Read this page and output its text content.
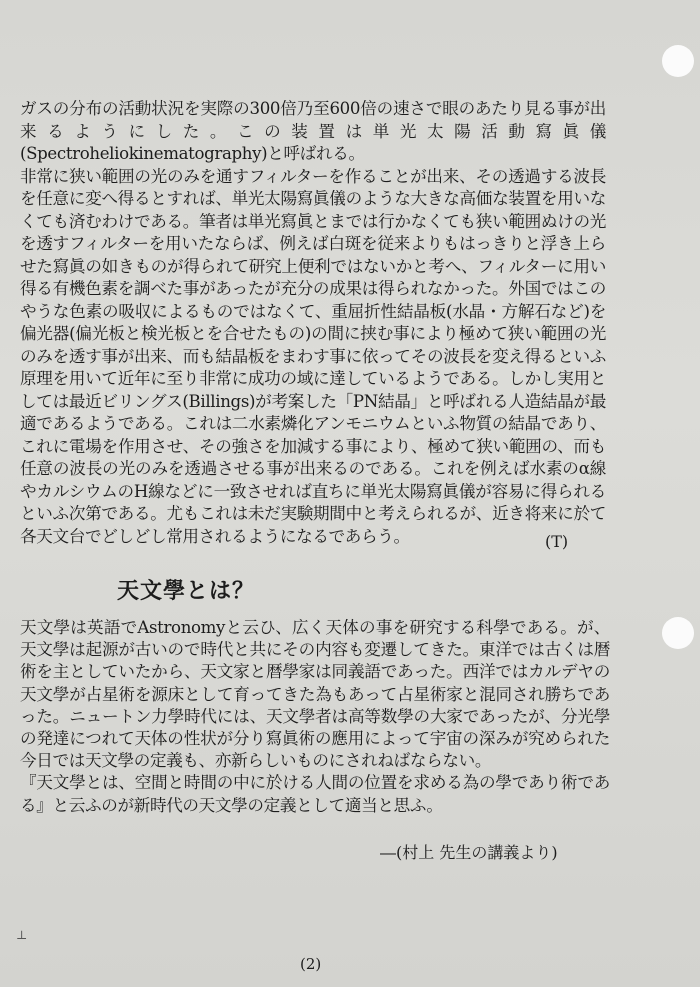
ガスの分布の活動状況を実際の300倍乃至600倍の速さで眼のあたり見る事が出来るようにした。この装置は単光太陽活動寫眞儀(Spectroheliokinematography)と呼ばれる。

非常に狭い範囲の光のみを通すフィルターを作ることが出来、その透過する波長を任意に変へ得るとすれば、単光太陽寫眞儀のような大きな高価な装置を用いなくても済むわけである。筆者は単光寫眞とまでは行かなくても狭い範囲ぬけの光を透すフィルターを用いたならば、例えば白斑を従来よりもはっきりと浮き上らせた寫眞の如きものが得られて研究上便利ではないかと考へ、フィルターに用い得る有機色素を調べた事があったが充分の成果は得られなかった。外国ではこのやうな色素の吸収によるものではなくて、重屈折性結晶板(水晶・方解石など)を偏光器(偏光板と検光板とを合せたもの)の間に挟む事により極めて狭い範囲の光のみを透す事が出来、而も結晶板をまわす事に依ってその波長を変え得るといふ原理を用いて近年に至り非常に成功の域に達しているようである。しかし実用としては最近ビリングス(Billings)が考案した「PN結晶」と呼ばれる人造結晶が最適であるようである。これは二水素燐化アンモニウムといふ物質の結晶であり、これに電場を作用させ、その強さを加減する事により、極めて狭い範囲の、而も任意の波長の光のみを透過させる事が出来るのである。これを例えば水素のα線やカルシウムのH線などに一致させれば直ちに単光太陽寫眞儀が容易に得られるといふ次第である。尤もこれは未だ実験期間中と考えられるが、近き将来に於て各天文台でどしどし常用されるようになるであらう。	(T)
天文學とは？

天文學は英語でAstronomyと云ひ、広く天体の事を研究する科學である。が、天文學は起源が古いので時代と共にその内容も変遷してきた。東洋では古くは暦術を主としていたから、天文家と暦學家は同義語であった。西洋ではカルデヤの天文學が占星術を源床として育ってきた為もあって占星術家と混同され勝ちであった。ニュートン力學時代には、天文學者は高等数學の大家であったが、分光學の発達につれて天体の性状が分り寫眞術の應用によって宇宙の深みが究められた今日では天文學の定義も、亦新らしいものにされねばならない。

『天文學とは、空間と時間の中に於ける人間の位置を求める為の學であり術である』と云ふのが新時代の天文學の定義として適当と思ふ。

―(村上 先生の講義より)
⊥
(2)
